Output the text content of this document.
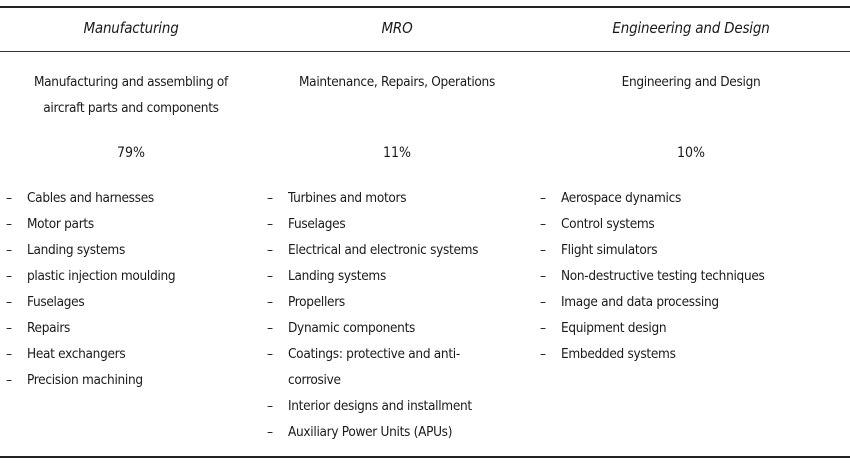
Manufacturing
Manufacturing and assembling of aircraft parts and components
79%
– Cables and harnesses
– Motor parts
– Landing systems
– plastic injection moulding
– Fuselages
– Repairs
– Heat exchangers
– Precision machining
MRO
Maintenance, Repairs, Operations
11%
– Turbines and motors
– Fuselages
– Electrical and electronic systems
– Landing systems
– Propellers
– Dynamic components
– Coatings: protective and anti-corrosive
– Interior designs and installment
– Auxiliary Power Units (APUs)
Engineering and Design
Engineering and Design
10%
– Aerospace dynamics
– Control systems
– Flight simulators
– Non-destructive testing techniques
– Image and data processing
– Equipment design
– Embedded systems
